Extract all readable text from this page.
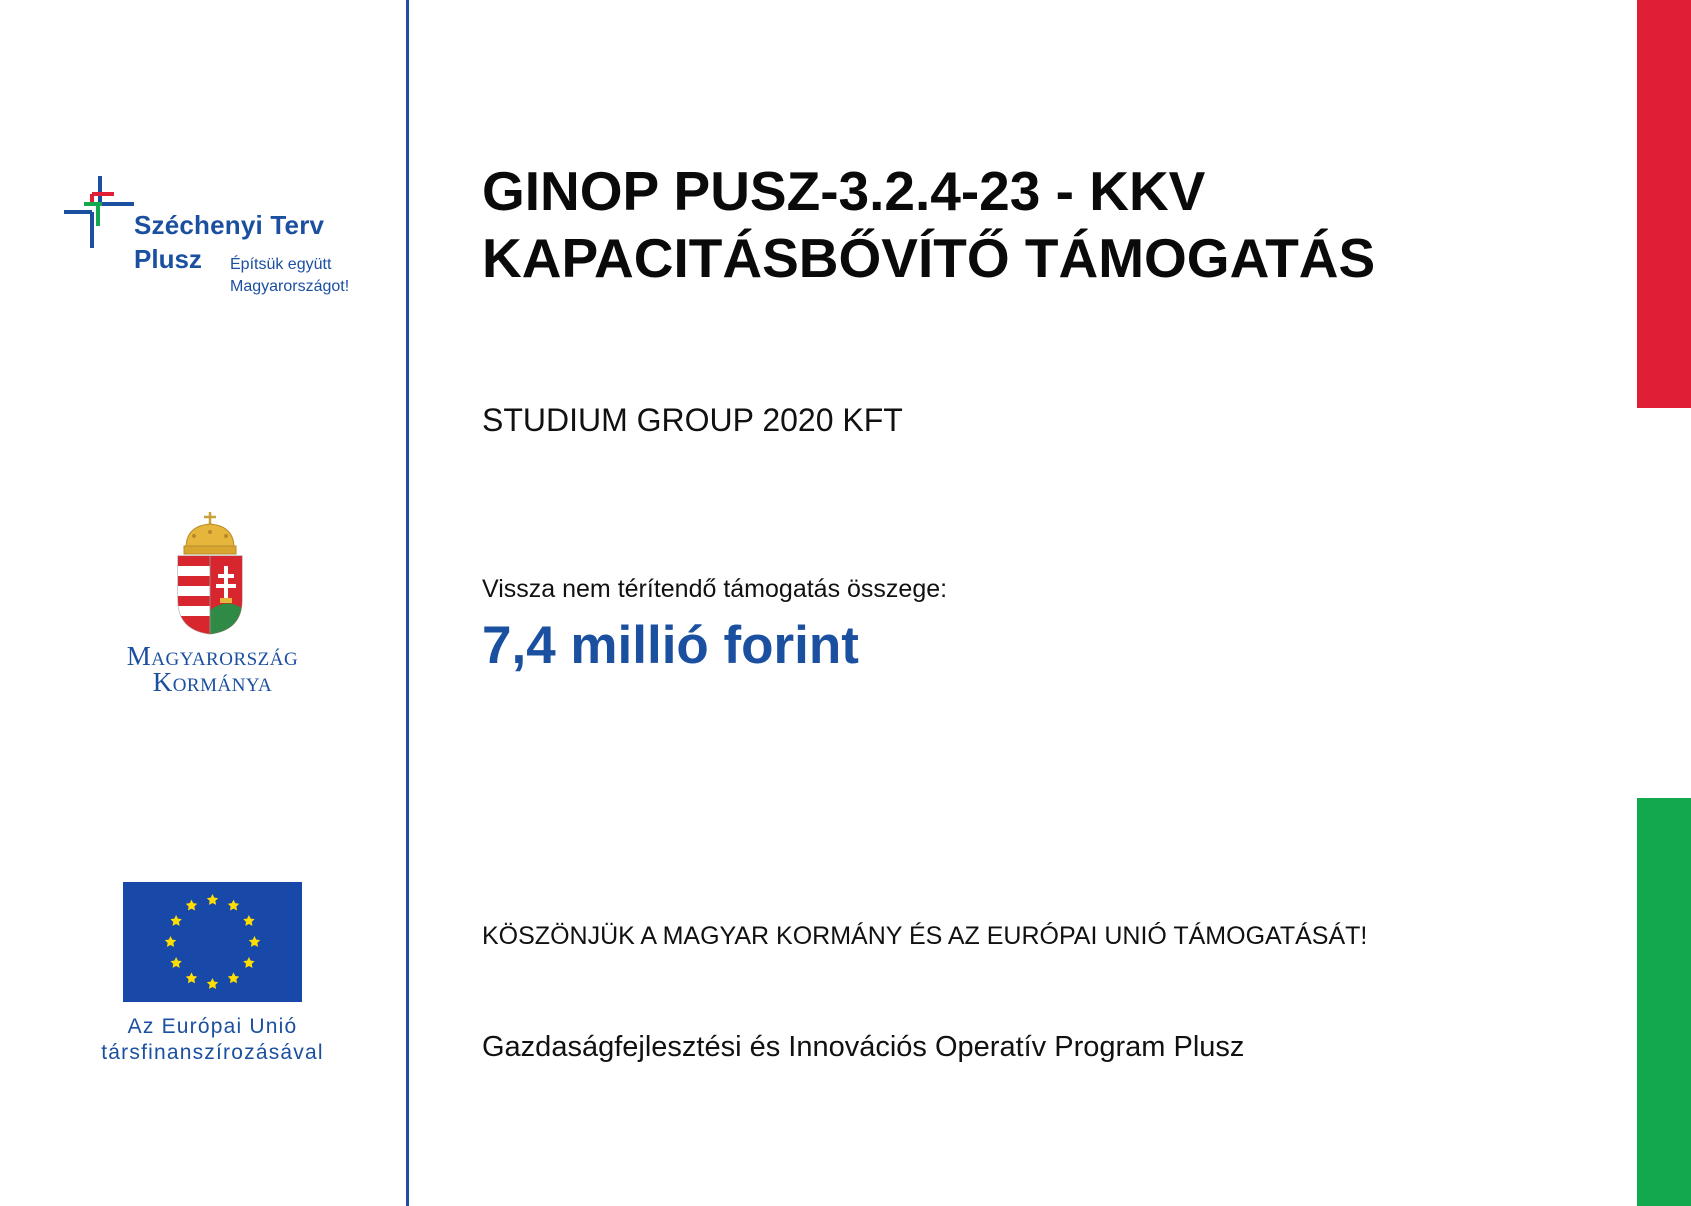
Széchenyi Terv
Plusz Építsük együtt
Magyarországot!
Magyarország
Kormánya
Az Európai Unió
társfinanszírozásával
GINOP PUSZ-3.2.4-23 - KKV
KAPACITÁSBŐVÍTŐ TÁMOGATÁS
STUDIUM GROUP 2020 KFT
Vissza nem térítendő támogatás összege:
7,4 millió forint
KÖSZÖNJÜK A MAGYAR KORMÁNY ÉS AZ EURÓPAI UNIÓ TÁMOGATÁSÁT!
Gazdaságfejlesztési és Innovációs Operatív Program Plusz
